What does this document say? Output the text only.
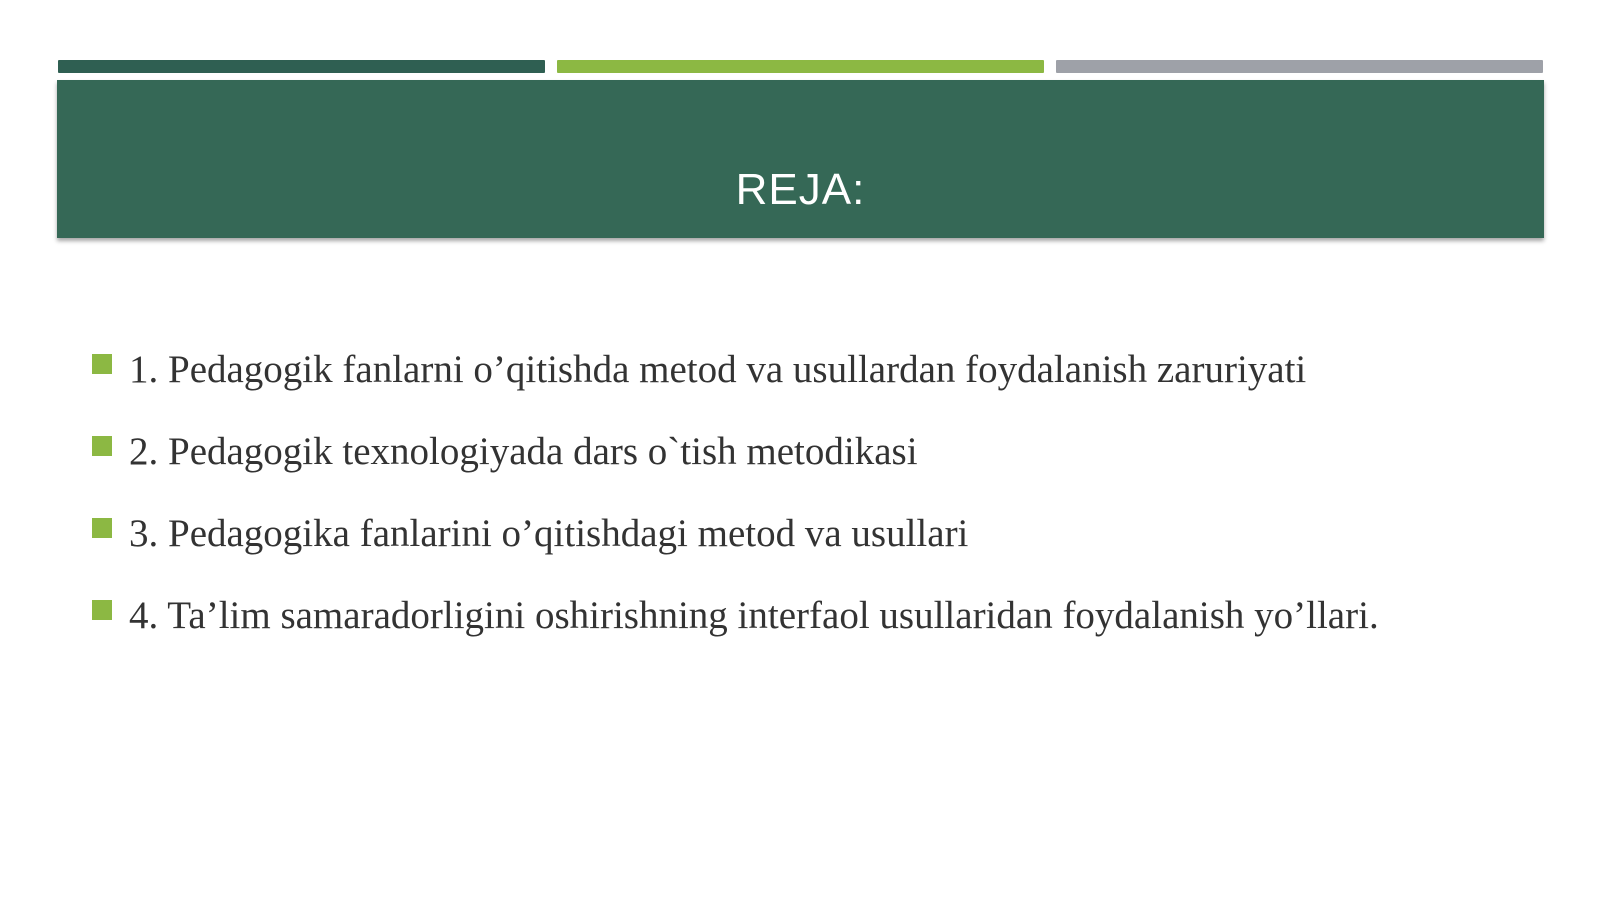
REJA:
1. Pedagogik fanlarni o’qitishda metod va usullardan foydalanish zaruriyati
2. Pedagogik texnologiyada dars o`tish metodikasi
3. Pedagogika fanlarini o’qitishdagi metod va usullari
4. Ta’lim samaradorligini oshirishning interfaol usullaridan foydalanish yo’llari.
